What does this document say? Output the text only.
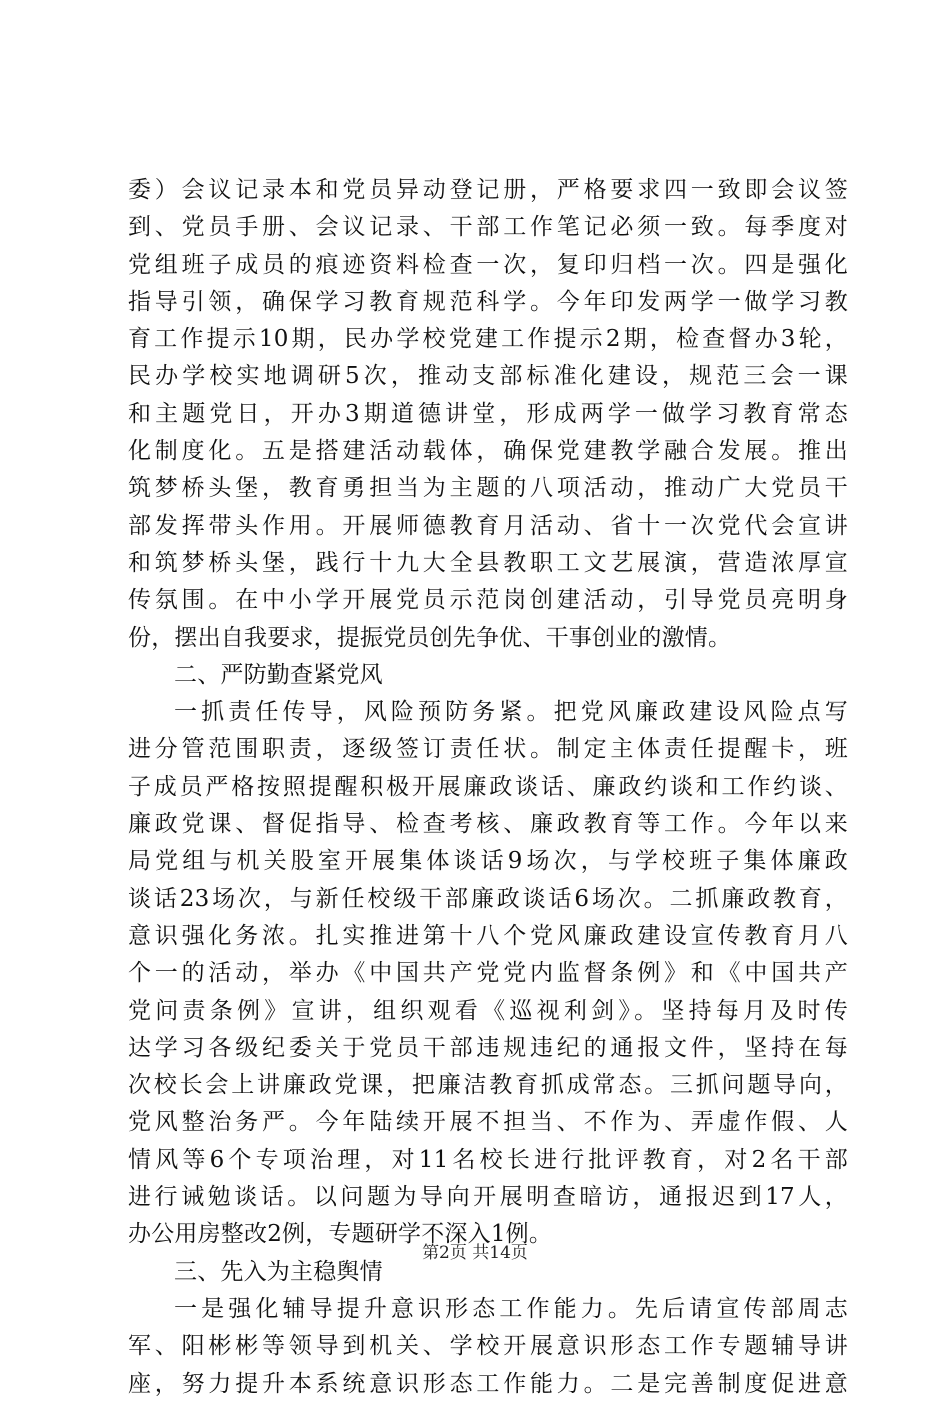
委）会议记录本和党员异动登记册，严格要求四一致即会议签
到、党员手册、会议记录、干部工作笔记必须一致。每季度对
党组班子成员的痕迹资料检查一次，复印归档一次。四是强化
指导引领，确保学习教育规范科学。今年印发两学一做学习教
育工作提示10期，民办学校党建工作提示2期，检查督办3轮，
民办学校实地调研5次，推动支部标准化建设，规范三会一课
和主题党日，开办3期道德讲堂，形成两学一做学习教育常态
化制度化。五是搭建活动载体，确保党建教学融合发展。推出
筑梦桥头堡，教育勇担当为主题的八项活动，推动广大党员干
部发挥带头作用。开展师德教育月活动、省十一次党代会宣讲
和筑梦桥头堡，践行十九大全县教职工文艺展演，营造浓厚宣
传氛围。在中小学开展党员示范岗创建活动，引导党员亮明身
份，摆出自我要求，提振党员创先争优、干事创业的激情。
二、严防勤查紧党风
一抓责任传导，风险预防务紧。把党风廉政建设风险点写
进分管范围职责，逐级签订责任状。制定主体责任提醒卡，班
子成员严格按照提醒积极开展廉政谈话、廉政约谈和工作约谈、
廉政党课、督促指导、检查考核、廉政教育等工作。今年以来
局党组与机关股室开展集体谈话9场次，与学校班子集体廉政
谈话23场次，与新任校级干部廉政谈话6场次。二抓廉政教育，
意识强化务浓。扎实推进第十八个党风廉政建设宣传教育月八
个一的活动，举办《中国共产党党内监督条例》和《中国共产
党问责条例》宣讲，组织观看《巡视利剑》。坚持每月及时传
达学习各级纪委关于党员干部违规违纪的通报文件，坚持在每
次校长会上讲廉政党课，把廉洁教育抓成常态。三抓问题导向，
党风整治务严。今年陆续开展不担当、不作为、弄虚作假、人
情风等6个专项治理，对11名校长进行批评教育，对2名干部
进行诫勉谈话。以问题为导向开展明查暗访，通报迟到17人，
办公用房整改2例，专题研学不深入1例。
三、先入为主稳舆情
一是强化辅导提升意识形态工作能力。先后请宣传部周志
军、阳彬彬等领导到机关、学校开展意识形态工作专题辅导讲
座，努力提升本系统意识形态工作能力。二是完善制度促进意
第2页 共14页
